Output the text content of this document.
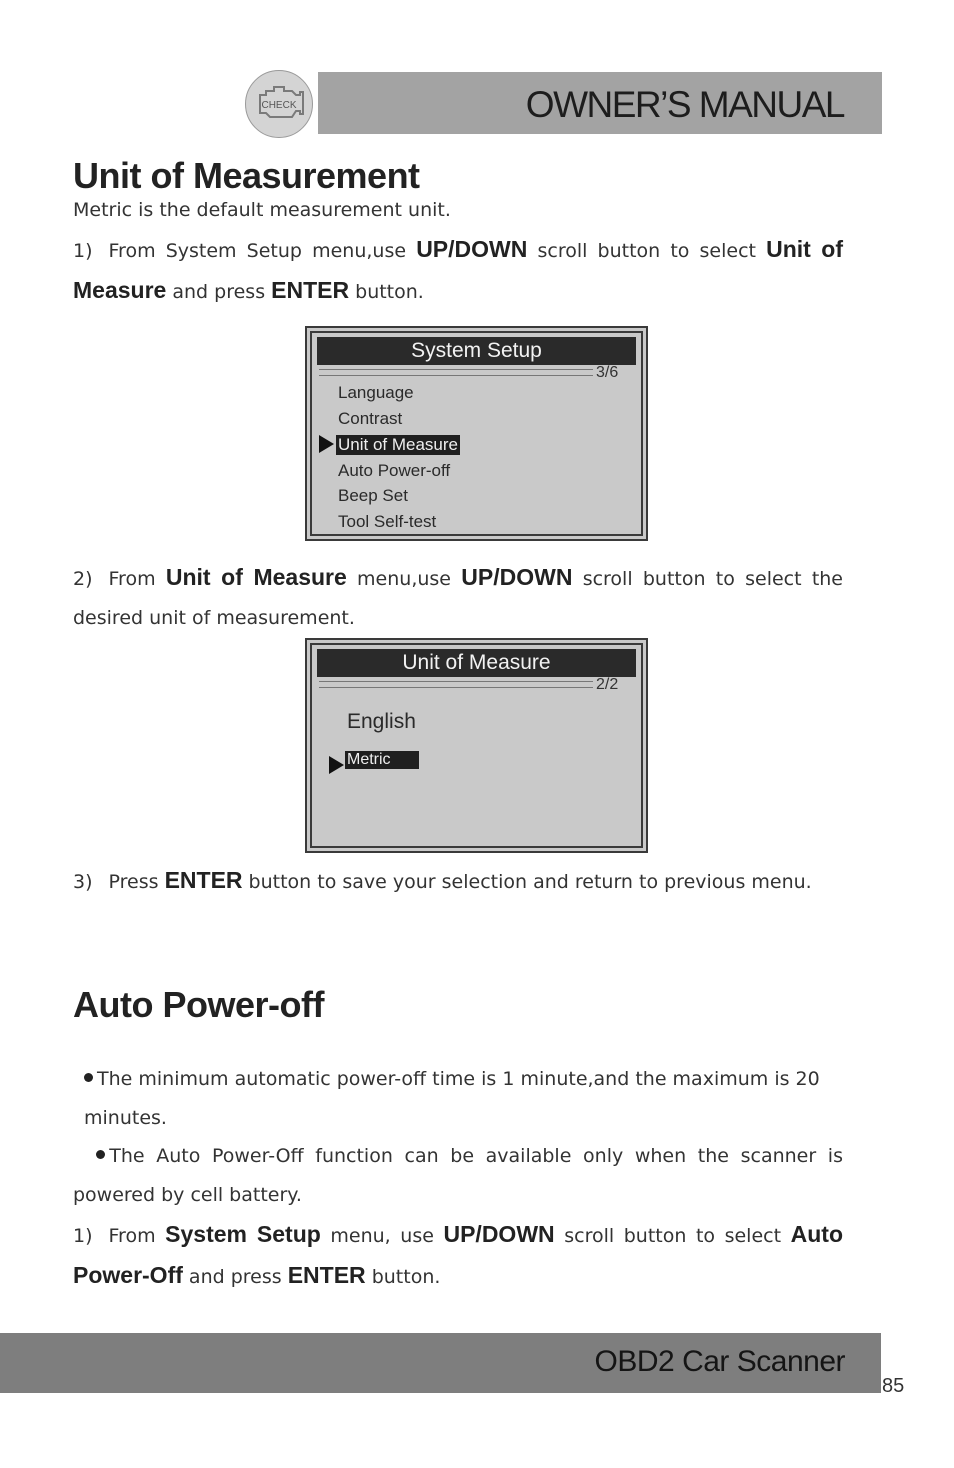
OWNER’S MANUAL
CHECK
Unit of Measurement
Metric is the default measurement unit.
1) From System Setup menu,use UP/DOWN scroll button to select Unit of Measure and press ENTER button.
System Setup
3/6
Language
Contrast
Unit of Measure
Auto Power-off
Beep Set
Tool Self-test
2) From Unit of Measure menu,use UP/DOWN scroll button to select the desired unit of measurement.
Unit of Measure
2/2
English
Metric
3) Press ENTER button to save your selection and return to previous menu.
Auto Power-off
The minimum automatic power-off time is 1 minute,and the maximum is 20 minutes.
The Auto Power-Off function can be available only when the scanner is powered by cell battery.
1) From System Setup menu, use UP/DOWN scroll button to select Auto Power-Off and press ENTER button.
OBD2 Car Scanner
85
